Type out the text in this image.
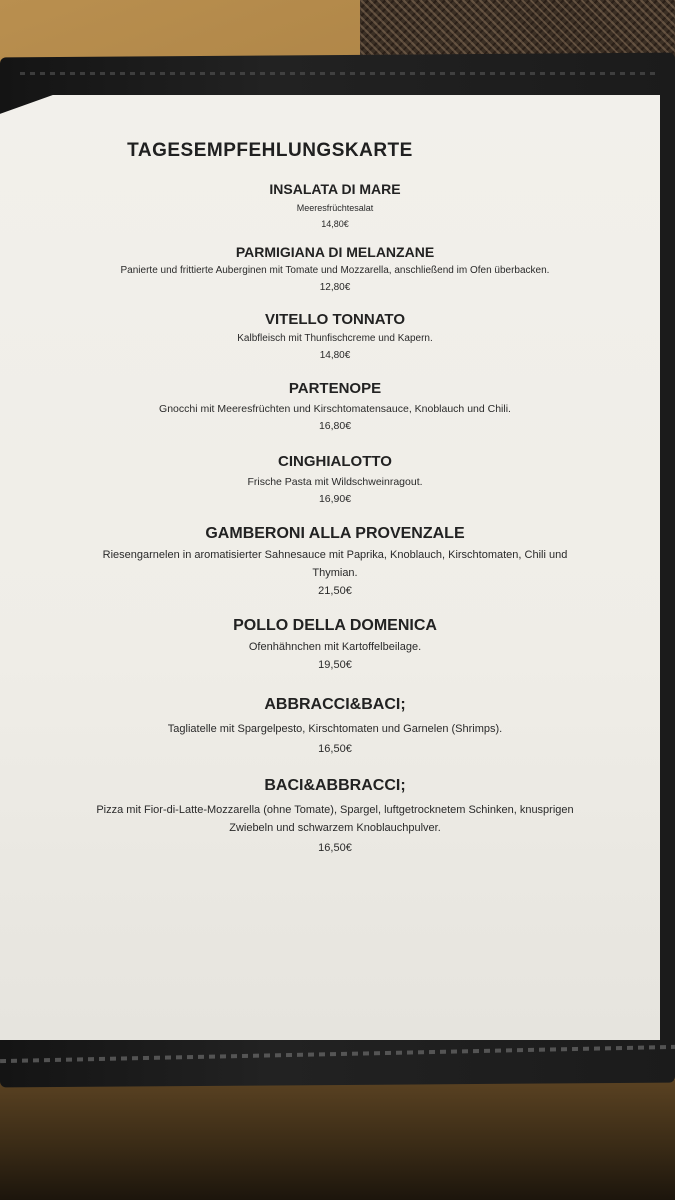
TAGESEMPFEHLUNGSKARTE
INSALATA DI MARE
Meeresfrüchtesalat
14,80€
PARMIGIANA DI MELANZANE
Panierte und frittierte Auberginen mit Tomate und Mozzarella, anschließend im Ofen überbacken.
12,80€
VITELLO TONNATO
Kalbfleisch mit Thunfischcreme und Kapern.
14,80€
PARTENOPE
Gnocchi mit Meeresfrüchten und Kirschtomatensauce, Knoblauch und Chili.
16,80€
CINGHIALOTTO
Frische Pasta mit Wildschweinragout.
16,90€
GAMBERONI ALLA PROVENZALE
Riesengarnelen in aromatisierter Sahnesauce mit Paprika, Knoblauch, Kirschtomaten, Chili und
Thymian.
21,50€
POLLO DELLA DOMENICA
Ofenhähnchen mit Kartoffelbeilage.
19,50€
ABBRACCI&BACI;
Tagliatelle mit Spargelpesto, Kirschtomaten und Garnelen (Shrimps).
16,50€
BACI&ABBRACCI;
Pizza mit Fior-di-Latte-Mozzarella (ohne Tomate), Spargel, luftgetrocknetem Schinken, knusprigen
Zwiebeln und schwarzem Knoblauchpulver.
16,50€
